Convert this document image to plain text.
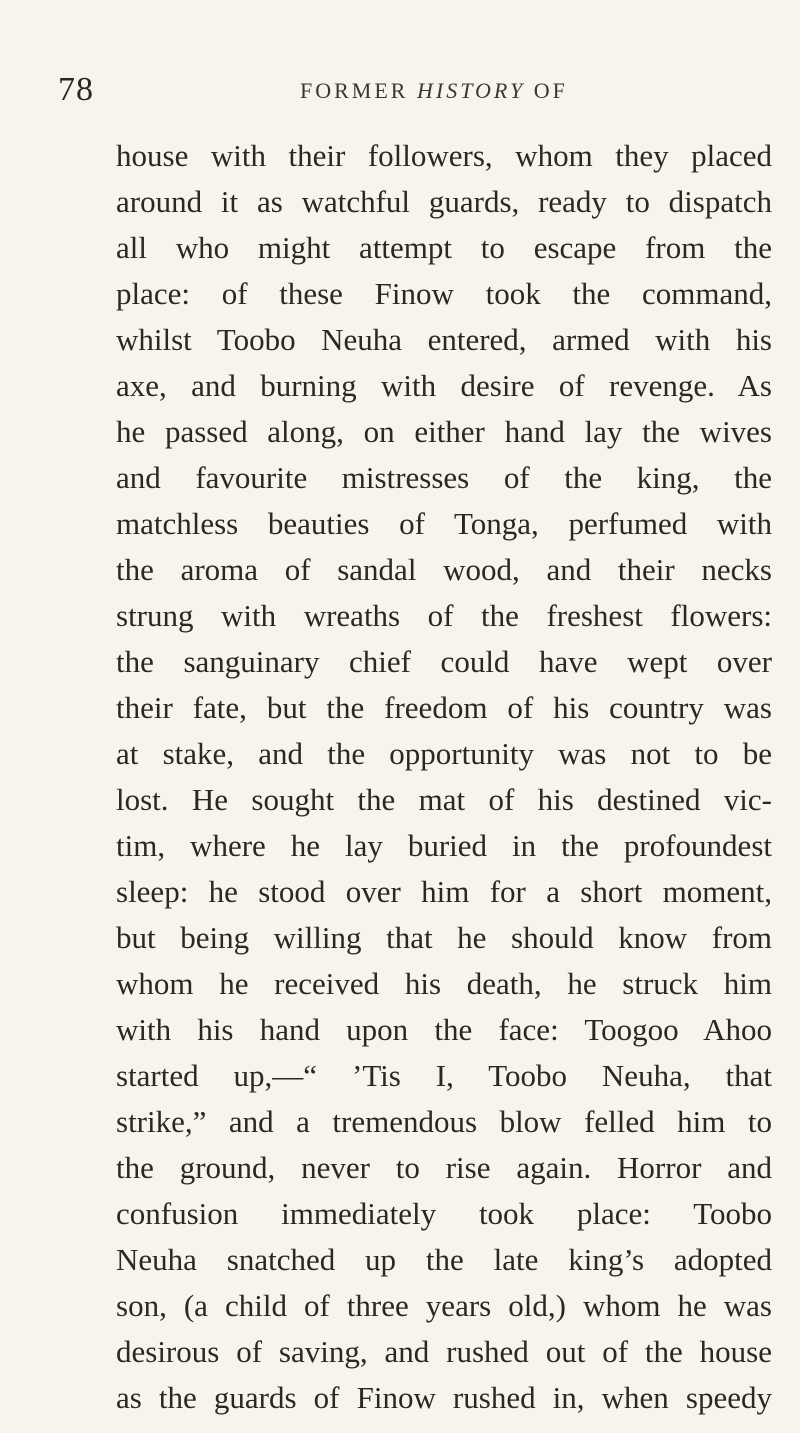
78	FORMER HISTORY OF
house with their followers, whom they placed
around it as watchful guards, ready to dispatch
all who might attempt to escape from the
place: of these Finow took the command,
whilst Toobo Neuha entered, armed with his
axe, and burning with desire of revenge. As
he passed along, on either hand lay the wives
and favourite mistresses of the king, the
matchless beauties of Tonga, perfumed with
the aroma of sandal wood, and their necks
strung with wreaths of the freshest flowers:
the sanguinary chief could have wept over
their fate, but the freedom of his country was
at stake, and the opportunity was not to be
lost. He sought the mat of his destined vic-
tim, where he lay buried in the profoundest
sleep: he stood over him for a short moment,
but being willing that he should know from
whom he received his death, he struck him
with his hand upon the face: Toogoo Ahoo
started up,—“ ’Tis I, Toobo Neuha, that
strike,” and a tremendous blow felled him to
the ground, never to rise again. Horror and
confusion immediately took place: Toobo
Neuha snatched up the late king’s adopted
son, (a child of three years old,) whom he was
desirous of saving, and rushed out of the house
as the guards of Finow rushed in, when speedy
